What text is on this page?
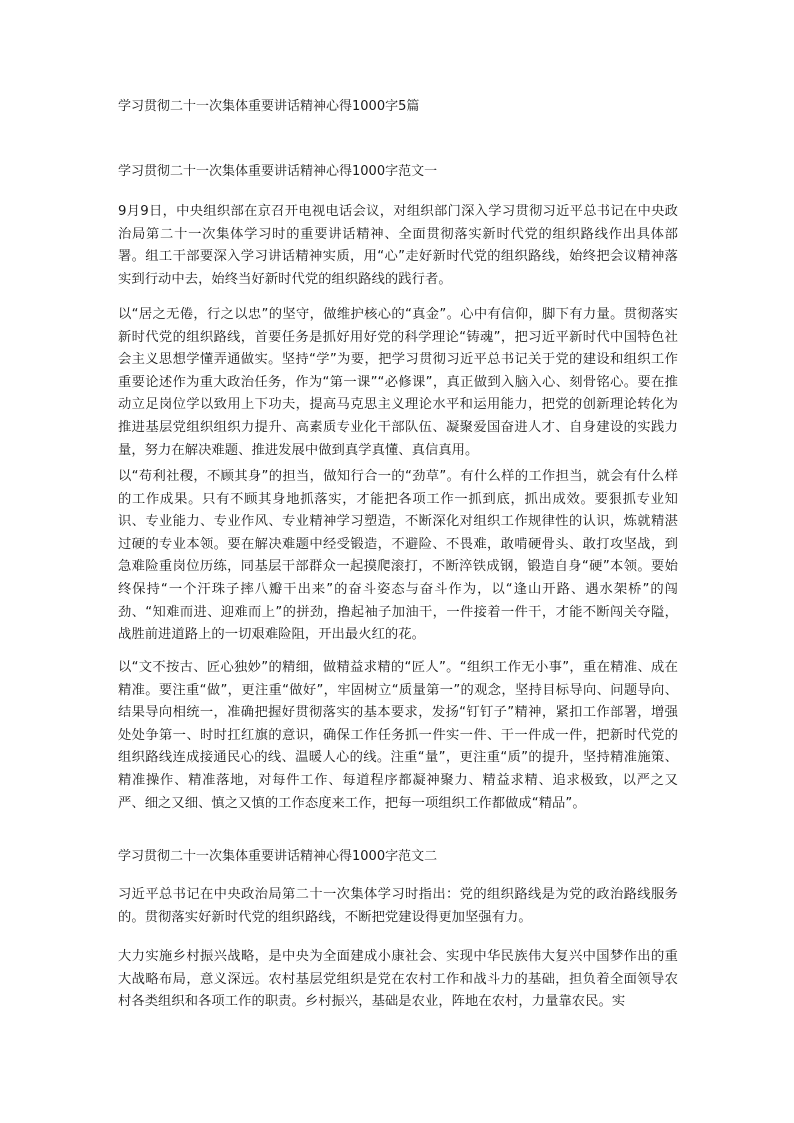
学习贯彻二十一次集体重要讲话精神心得1000字5篇
学习贯彻二十一次集体重要讲话精神心得1000字范文一

9月9日，中央组织部在京召开电视电话会议，对组织部门深入学习贯彻习近平总书记在中央政治局第二十一次集体学习时的重要讲话精神、全面贯彻落实新时代党的组织路线作出具体部署。组工干部要深入学习讲话精神实质，用“心”走好新时代党的组织路线，始终把会议精神落实到行动中去，始终当好新时代党的组织路线的践行者。

以“居之无倦，行之以忠”的坚守，做维护核心的“真金”。心中有信仰，脚下有力量。贯彻落实新时代党的组织路线，首要任务是抓好用好党的科学理论“铸魂”，把习近平新时代中国特色社会主义思想学懂弄通做实。坚持“学”为要，把学习贯彻习近平总书记关于党的建设和组织工作重要论述作为重大政治任务，作为“第一课”“必修课”，真正做到入脑入心、刻骨铭心。要在推动立足岗位学以致用上下功夫，提高马克思主义理论水平和运用能力，把党的创新理论转化为推进基层党组织组织力提升、高素质专业化干部队伍、凝聚爱国奋进人才、自身建设的实践力量，努力在解决难题、推进发展中做到真学真懂、真信真用。

以“苟利社稷，不顾其身”的担当，做知行合一的“劲草”。有什么样的工作担当，就会有什么样的工作成果。只有不顾其身地抓落实，才能把各项工作一抓到底，抓出成效。要狠抓专业知识、专业能力、专业作风、专业精神学习塑造，不断深化对组织工作规律性的认识，炼就精湛过硬的专业本领。要在解决难题中经受锻造，不避险、不畏难，敢啃硬骨头、敢打攻坚战，到急难险重岗位历练，同基层干部群众一起摸爬滚打，不断淬铁成钢，锻造自身“硬”本领。要始终保持“一个汗珠子摔八瓣干出来”的奋斗姿态与奋斗作为，以“逢山开路、遇水架桥”的闯劲、“知难而进、迎难而上”的拼劲，撸起袖子加油干，一件接着一件干，才能不断闯关夺隘，战胜前进道路上的一切艰难险阻，开出最火红的花。

以“文不按古、匠心独妙”的精细，做精益求精的“匠人”。“组织工作无小事”，重在精准、成在精准。要注重“做”，更注重“做好”，牢固树立“质量第一”的观念，坚持目标导向、问题导向、结果导向相统一，准确把握好贯彻落实的基本要求，发扬“钉钉子”精神，紧扣工作部署，增强处处争第一、时时扛红旗的意识，确保工作任务抓一件实一件、干一件成一件，把新时代党的组织路线连成接通民心的线、温暖人心的线。注重“量”，更注重“质”的提升，坚持精准施策、精准操作、精准落地，对每件工作、每道程序都凝神聚力、精益求精、追求极致，以严之又严、细之又细、慎之又慎的工作态度来工作，把每一项组织工作都做成“精品”。

学习贯彻二十一次集体重要讲话精神心得1000字范文二

习近平总书记在中央政治局第二十一次集体学习时指出：党的组织路线是为党的政治路线服务的。贯彻落实好新时代党的组织路线，不断把党建设得更加坚强有力。

大力实施乡村振兴战略，是中央为全面建成小康社会、实现中华民族伟大复兴中国梦作出的重大战略布局，意义深远。农村基层党组织是党在农村工作和战斗力的基础，担负着全面领导农村各类组织和各项工作的职责。乡村振兴，基础是农业，阵地在农村，力量靠农民。实
